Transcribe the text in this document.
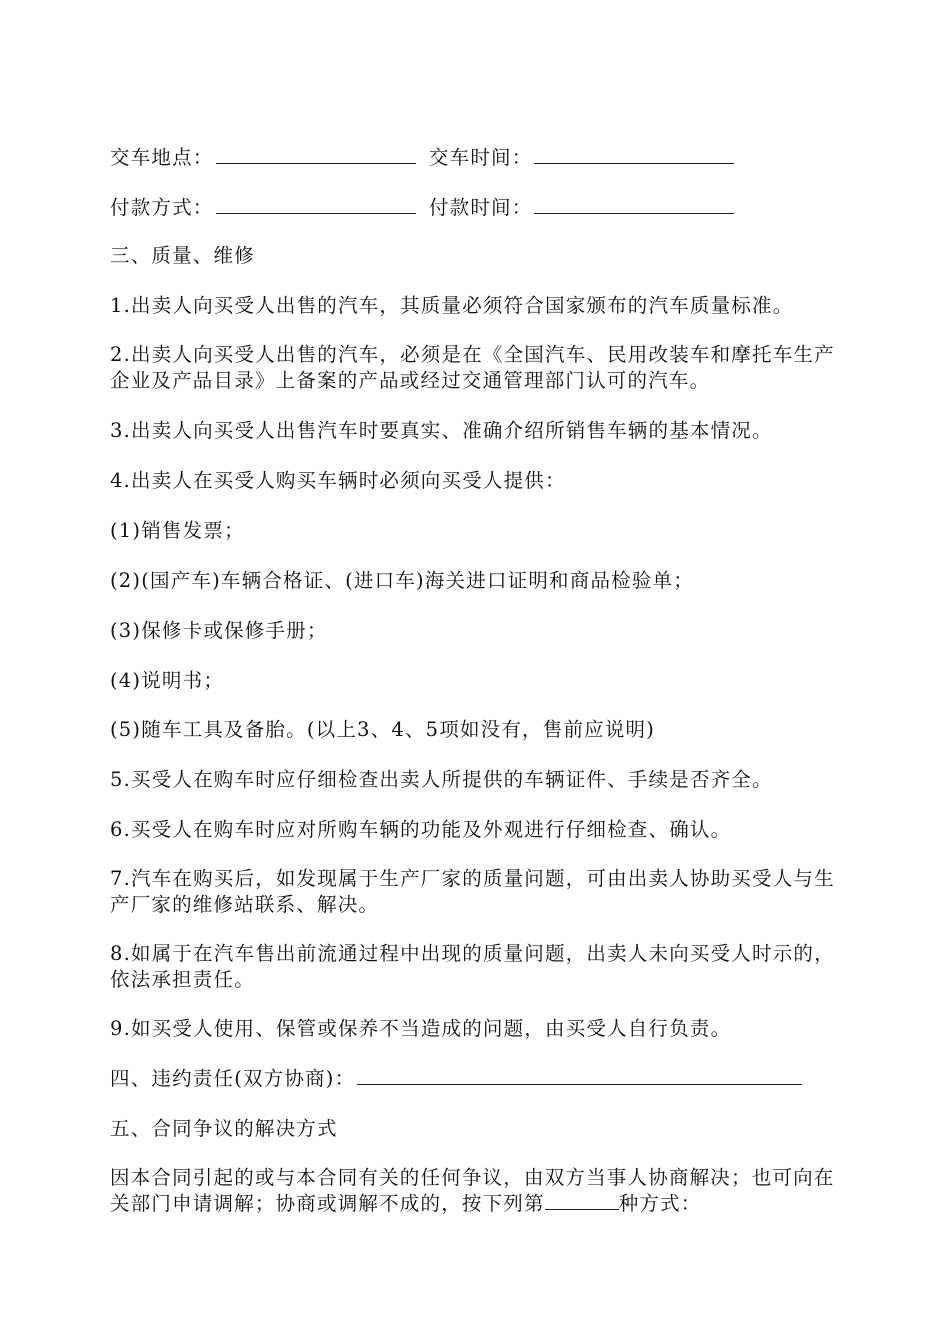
交车地点：	交车时间：
付款方式：	付款时间：
三、质量、维修
1.出卖人向买受人出售的汽车，其质量必须符合国家颁布的汽车质量标准。
2.出卖人向买受人出售的汽车，必须是在《全国汽车、民用改装车和摩托车生产企业及产品目录》上备案的产品或经过交通管理部门认可的汽车。
3.出卖人向买受人出售汽车时要真实、准确介绍所销售车辆的基本情况。
4.出卖人在买受人购买车辆时必须向买受人提供：
(1)销售发票；
(2)(国产车)车辆合格证、(进口车)海关进口证明和商品检验单；
(3)保修卡或保修手册；
(4)说明书；
(5)随车工具及备胎。(以上3、4、5项如没有，售前应说明)
5.买受人在购车时应仔细检查出卖人所提供的车辆证件、手续是否齐全。
6.买受人在购车时应对所购车辆的功能及外观进行仔细检查、确认。
7.汽车在购买后，如发现属于生产厂家的质量问题，可由出卖人协助买受人与生产厂家的维修站联系、解决。
8.如属于在汽车售出前流通过程中出现的质量问题，出卖人未向买受人时示的，依法承担责任。
9.如买受人使用、保管或保养不当造成的问题，由买受人自行负责。
四、违约责任(双方协商)：
五、合同争议的解决方式
因本合同引起的或与本合同有关的任何争议，由双方当事人协商解决；也可向在关部门申请调解；协商或调解不成的，按下列第	种方式：
